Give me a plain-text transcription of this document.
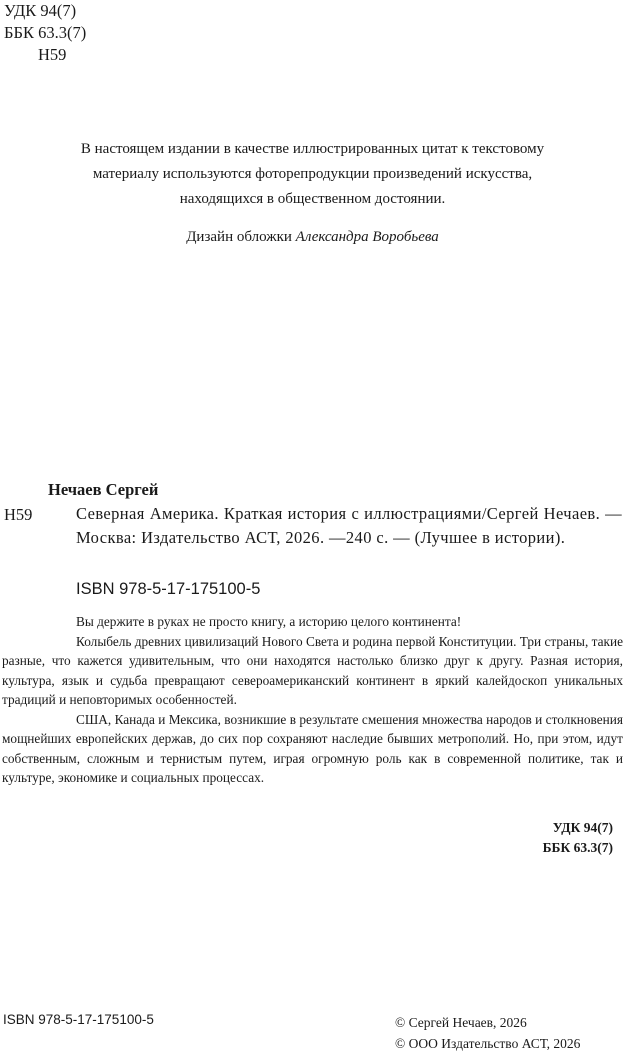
УДК 94(7)
ББК 63.3(7)
Н59
В настоящем издании в качестве иллюстрированных цитат к текстовому
материалу используются фоторепродукции произведений искусства,
находящихся в общественном достоянии.
Дизайн обложки Александра Воробьева
Нечаев Сергей
Н59	Северная Америка. Краткая история с иллюстрациями/Сергей Нечаев. — Москва: Издательство АСТ, 2026. —240 с. — (Лучшее в истории).

ISBN 978-5-17-175100-5

Вы держите в руках не просто книгу, а историю целого континента!

Колыбель древних цивилизаций Нового Света и родина первой Конституции. Три страны, такие разные, что кажется удивительным, что они находятся настолько близко друг к другу. Разная история, культура, язык и судьба превращают североамериканский континент в яркий калейдоскоп уникальных традиций и неповторимых особенностей.

США, Канада и Мексика, возникшие в результате смешения множества народов и столкновения мощнейших европейских держав, до сих пор сохраняют наследие бывших метрополий. Но, при этом, идут собственным, сложным и тернистым путем, играя огромную роль как в современной политике, так и культуре, экономике и социальных процессах.

УДК 94(7)
ББК 63.3(7)
ISBN 978-5-17-175100-5	© Сергей Нечаев, 2026
© ООО Издательство АСТ, 2026
